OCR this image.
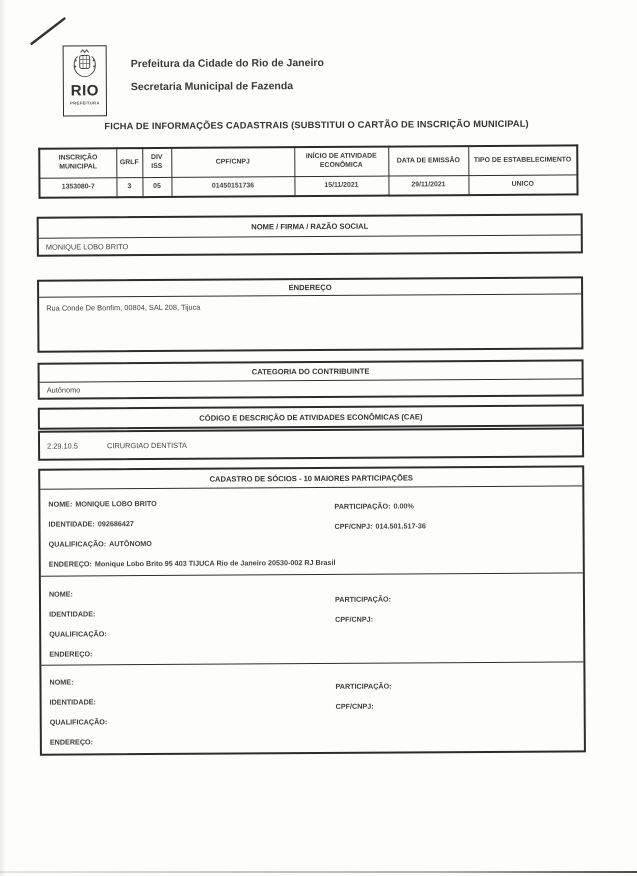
RIO
PREFEITURA
Prefeitura da Cidade do Rio de Janeiro
Secretaria Municipal de Fazenda
FICHA DE INFORMAÇÕES CADASTRAIS (SUBSTITUI O CARTÃO DE INSCRIÇÃO MUNICIPAL)
INSCRIÇÃO MUNICIPAL	GRLF	DIV ISS	CPF/CNPJ	INÍCIO DE ATIVIDADE ECONÔMICA	DATA DE EMISSÃO	TIPO DE ESTABELECIMENTO
1353080-7	3	05	01450151736	15/11/2021	29/11/2021	UNICO
NOME / FIRMA / RAZÃO SOCIAL
MONIQUE LOBO BRITO
ENDEREÇO
Rua Conde De Bonfim, 00804, SAL 208, Tijuca
CATEGORIA DO CONTRIBUINTE
Autônomo
CÓDIGO E DESCRIÇÃO DE ATIVIDADES ECONÔMICAS (CAE)
2.29.10.5	CIRURGIAO DENTISTA
CADASTRO DE SÓCIOS - 10 MAIORES PARTICIPAÇÕES
NOME: MONIQUE LOBO BRITO
IDENTIDADE: 092686427
QUALIFICAÇÃO: AUTÔNOMO
ENDEREÇO: Monique Lobo Brito 95 403 TIJUCA Rio de Janeiro 20530-002 RJ Brasil
PARTICIPAÇÃO: 0.00%
CPF/CNPJ: 014.501.517-36
NOME:
IDENTIDADE:
QUALIFICAÇÃO:
ENDEREÇO:
PARTICIPAÇÃO:
CPF/CNPJ:
NOME:
IDENTIDADE:
QUALIFICAÇÃO:
ENDEREÇO:
PARTICIPAÇÃO:
CPF/CNPJ:
